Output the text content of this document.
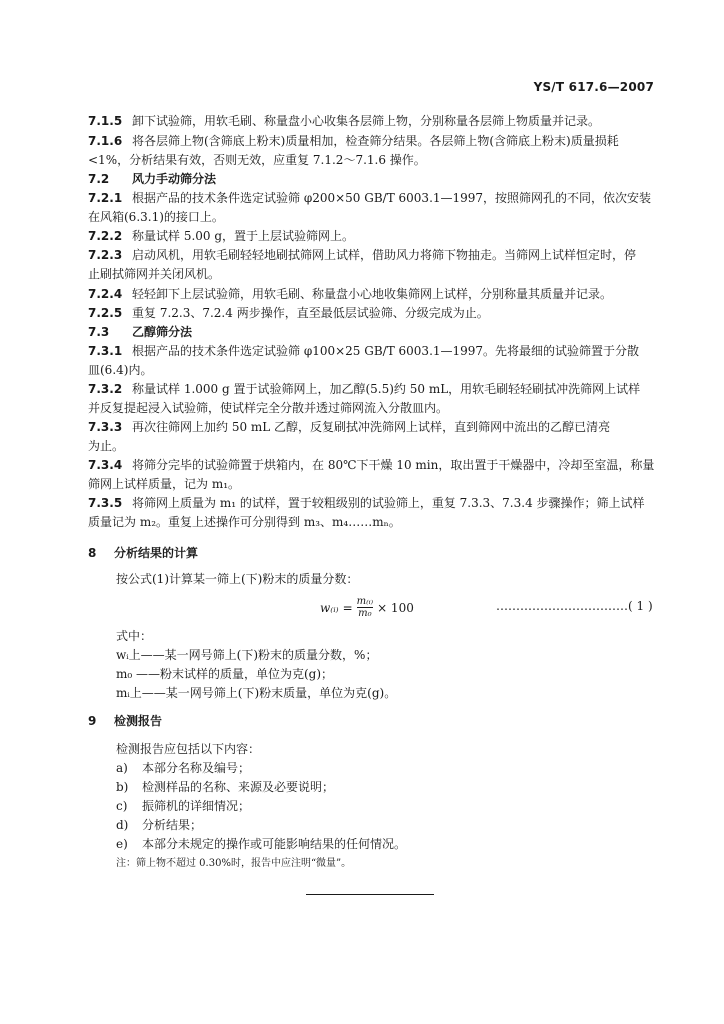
YS/T 617.6—2007
7.1.5 卸下试验筛，用软毛刷、称量盘小心收集各层筛上物，分别称量各层筛上物质量并记录。
7.1.6 将各层筛上物(含筛底上粉末)质量相加，检查筛分结果。各层筛上物(含筛底上粉末)质量损耗
<1%，分析结果有效，否则无效，应重复 7.1.2～7.1.6 操作。
7.2 风力手动筛分法
7.2.1 根据产品的技术条件选定试验筛 φ200×50 GB/T 6003.1—1997，按照筛网孔的不同，依次安装
在风箱(6.3.1)的接口上。
7.2.2 称量试样 5.00 g，置于上层试验筛网上。
7.2.3 启动风机，用软毛刷轻轻地刷拭筛网上试样，借助风力将筛下物抽走。当筛网上试样恒定时，停
止刷拭筛网并关闭风机。
7.2.4 轻轻卸下上层试验筛，用软毛刷、称量盘小心地收集筛网上试样，分别称量其质量并记录。
7.2.5 重复 7.2.3、7.2.4 两步操作，直至最低层试验筛、分级完成为止。
7.3 乙醇筛分法
7.3.1 根据产品的技术条件选定试验筛 φ100×25 GB/T 6003.1—1997。先将最细的试验筛置于分散
皿(6.4)内。
7.3.2 称量试样 1.000 g 置于试验筛网上，加乙醇(5.5)约 50 mL，用软毛刷轻轻刷拭冲洗筛网上试样
并反复提起浸入试验筛，使试样完全分散并透过筛网流入分散皿内。
7.3.3 再次往筛网上加约 50 mL 乙醇，反复刷拭冲洗筛网上试样，直到筛网中流出的乙醇已清亮
为止。
7.3.4 将筛分完毕的试验筛置于烘箱内，在 80℃下干燥 10 min，取出置于干燥器中，冷却至室温，称量
筛网上试样质量，记为 m₁。
7.3.5 将筛网上质量为 m₁ 的试样，置于较粗级别的试验筛上，重复 7.3.3、7.3.4 步骤操作；筛上试样
质量记为 m₂。重复上述操作可分别得到 m₃、m₄……mₙ。
8 分析结果的计算
按公式(1)计算某一筛上(下)粉末的质量分数：
w₍ᵢ₎ = $\frac{\text{m₍ᵢ₎}}{\text{m₀}} \times 100$	……………………………( 1 )
式中：
wᵢ上——某一网号筛上(下)粉末的质量分数，%；
m₀ ——粉末试样的质量，单位为克(g)；
mᵢ上——某一网号筛上(下)粉末质量，单位为克(g)。
9 检测报告
检测报告应包括以下内容：
a) 本部分名称及编号；
b) 检测样品的名称、来源及必要说明；
c) 振筛机的详细情况；
d) 分析结果；
e) 本部分未规定的操作或可能影响结果的任何情况。
注：筛上物不超过 0.30%时，报告中应注明“微量”。
